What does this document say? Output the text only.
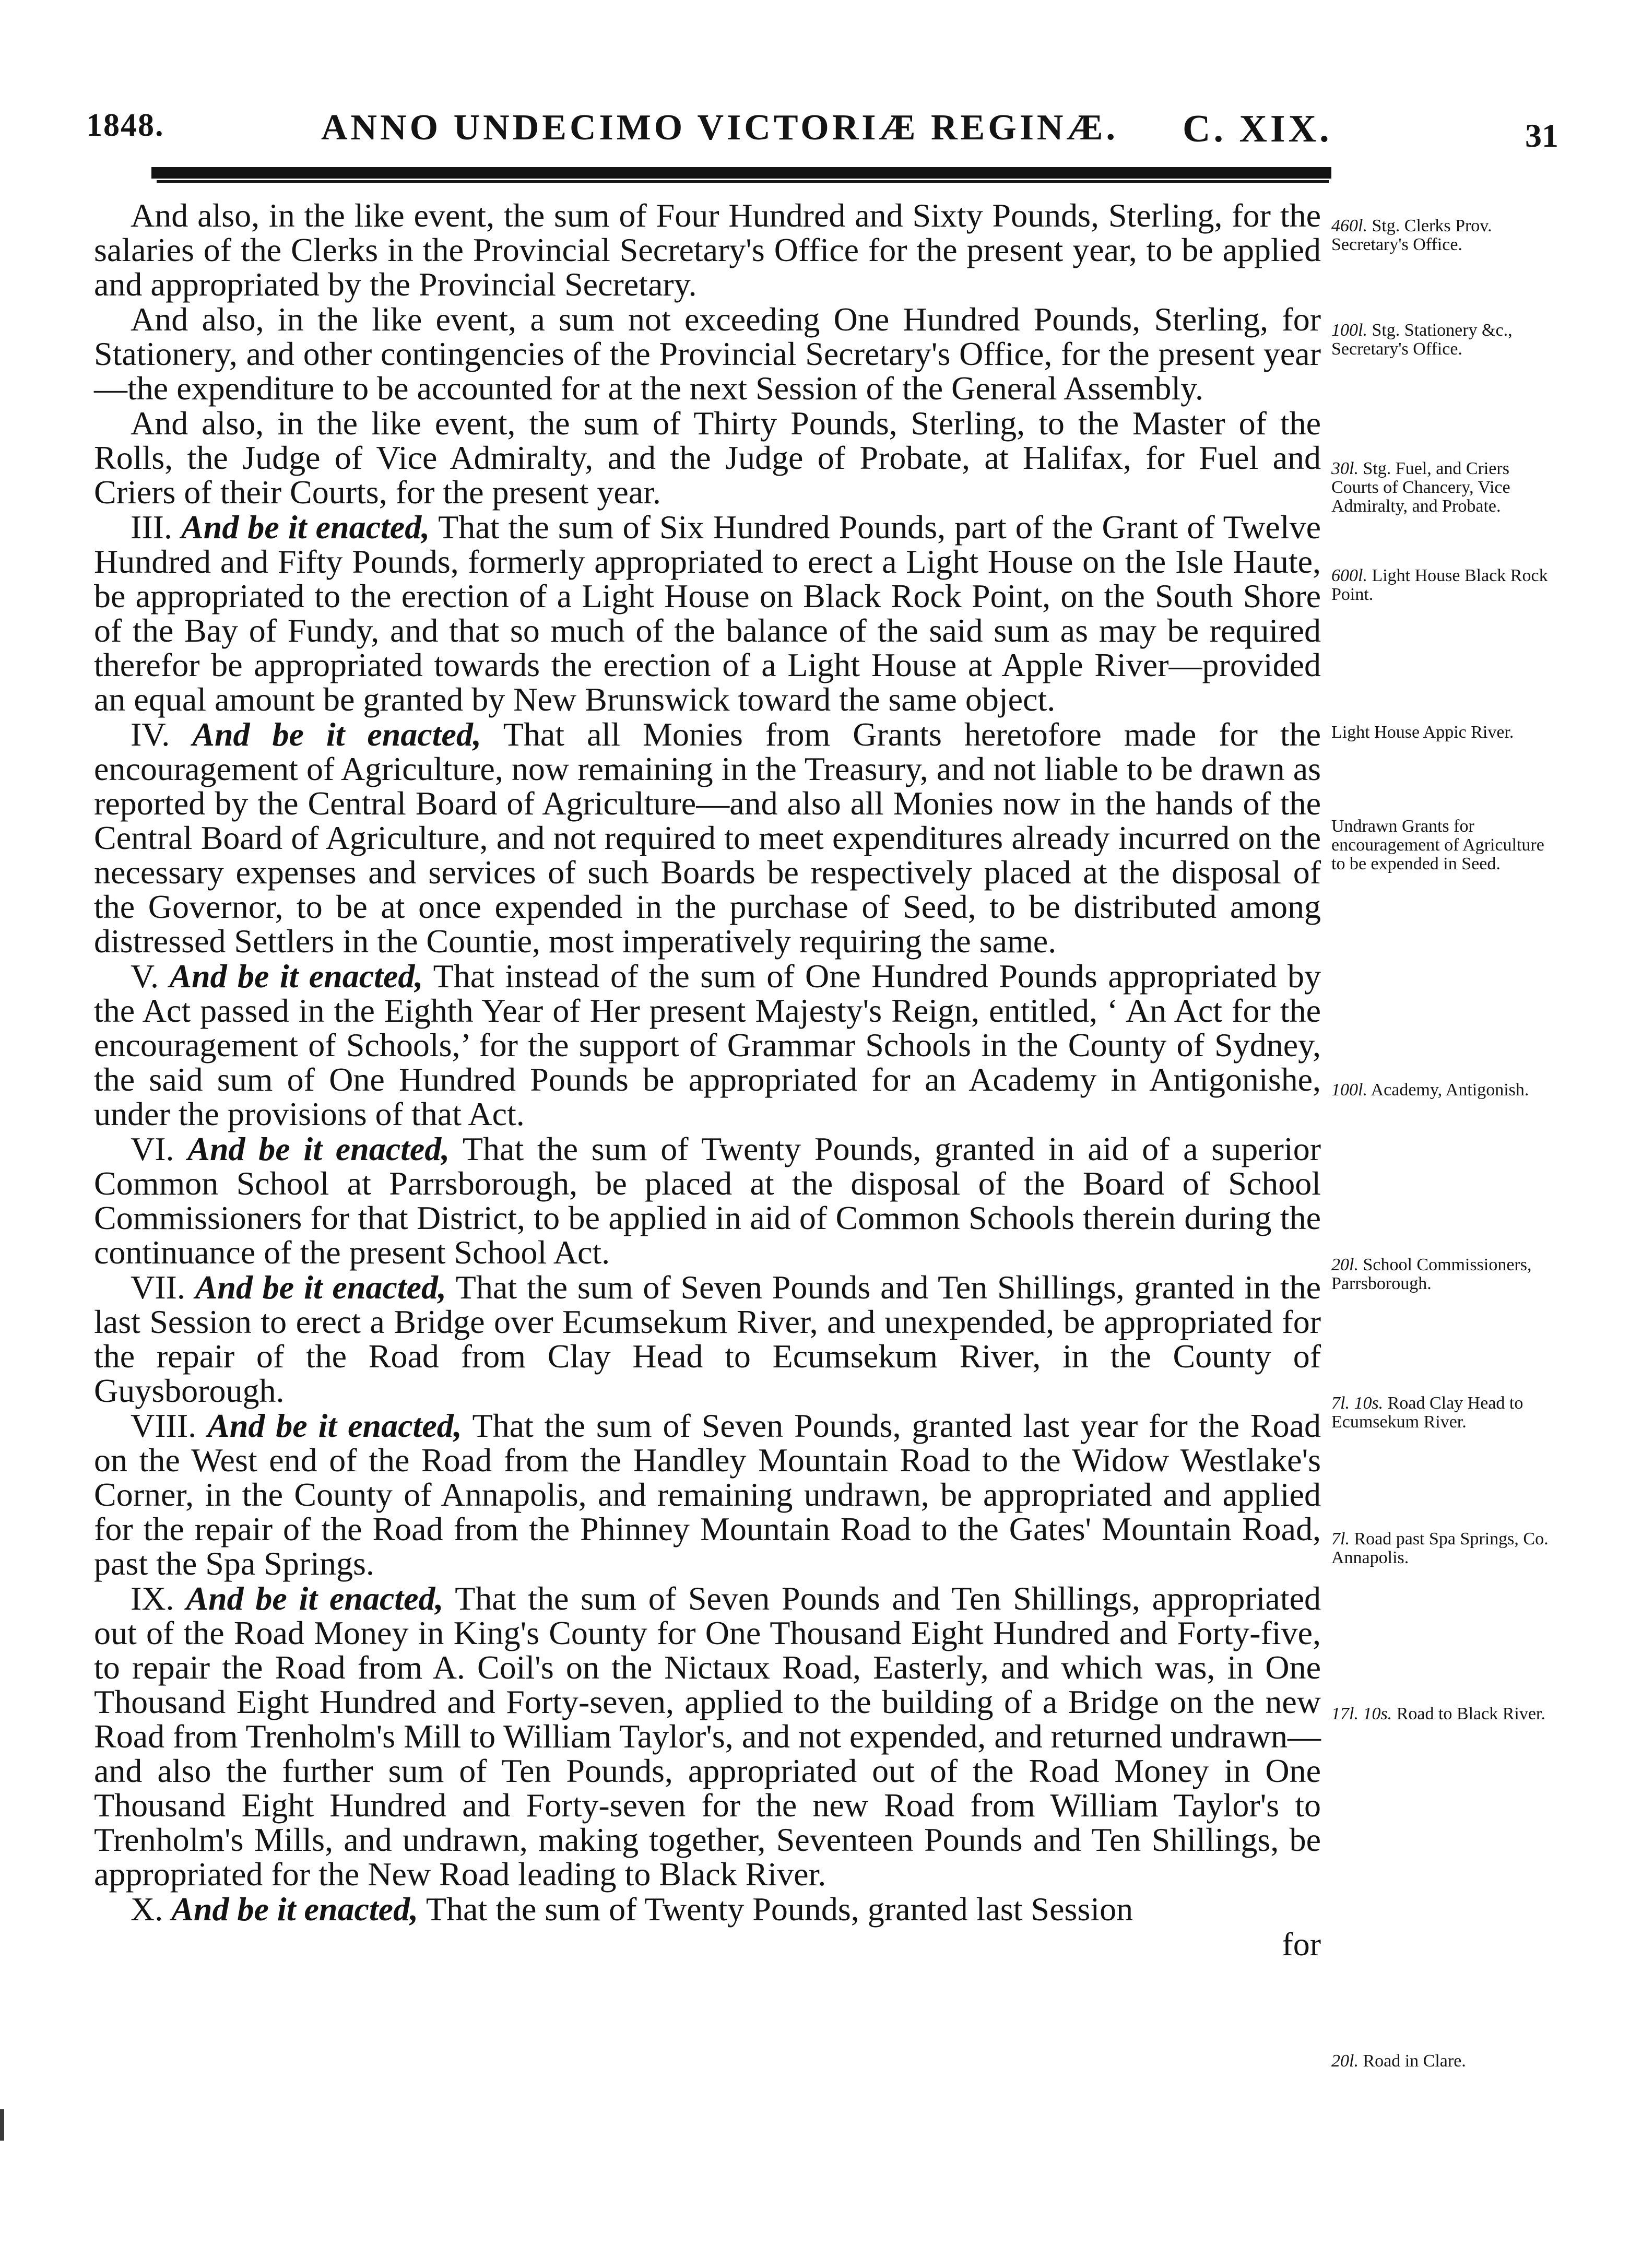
1848.	ANNO UNDECIMO VICTORIÆ REGINÆ. C. XIX.	31

And also, in the like event, the sum of Four Hundred and Sixty Pounds, Sterling, for the salaries of the Clerks in the Provincial Secretary's Office for the present year, to be applied and appropriated by the Provincial Secretary.

And also, in the like event, a sum not exceeding One Hundred Pounds, Sterling, for Stationery, and other contingencies of the Provincial Secretary's Office, for the present year—the expenditure to be accounted for at the next Session of the General Assembly.

And also, in the like event, the sum of Thirty Pounds, Sterling, to the Master of the Rolls, the Judge of Vice Admiralty, and the Judge of Probate, at Halifax, for Fuel and Criers of their Courts, for the present year.

III. And be it enacted, That the sum of Six Hundred Pounds, part of the Grant of Twelve Hundred and Fifty Pounds, formerly appropriated to erect a Light House on the Isle Haute, be appropriated to the erection of a Light House on Black Rock Point, on the South Shore of the Bay of Fundy, and that so much of the balance of the said sum as may be required therefor be appropriated towards the erection of a Light House at Apple River—provided an equal amount be granted by New Brunswick toward the same object.

IV. And be it enacted, That all Monies from Grants heretofore made for the encouragement of Agriculture, now remaining in the Treasury, and not liable to be drawn as reported by the Central Board of Agriculture—and also all Monies now in the hands of the Central Board of Agriculture, and not required to meet expenditures already incurred on the necessary expenses and services of such Boards be respectively placed at the disposal of the Governor, to be at once expended in the purchase of Seed, to be distributed among distressed Settlers in the Countie, most imperatively requiring the same.

V. And be it enacted, That instead of the sum of One Hundred Pounds appropriated by the Act passed in the Eighth Year of Her present Majesty's Reign, entitled, ‘ An Act for the encouragement of Schools,’ for the support of Grammar Schools in the County of Sydney, the said sum of One Hundred Pounds be appropriated for an Academy in Antigonishe, under the provisions of that Act.

VI. And be it enacted, That the sum of Twenty Pounds, granted in aid of a superior Common School at Parrsborough, be placed at the disposal of the Board of School Commissioners for that District, to be applied in aid of Common Schools therein during the continuance of the present School Act.

VII. And be it enacted, That the sum of Seven Pounds and Ten Shillings, granted in the last Session to erect a Bridge over Ecumsekum River, and unexpended, be appropriated for the repair of the Road from Clay Head to Ecumsekum River, in the County of Guysborough.

VIII. And be it enacted, That the sum of Seven Pounds, granted last year for the Road on the West end of the Road from the Handley Mountain Road to the Widow Westlake's Corner, in the County of Annapolis, and remaining undrawn, be appropriated and applied for the repair of the Road from the Phinney Mountain Road to the Gates' Mountain Road, past the Spa Springs.

IX. And be it enacted, That the sum of Seven Pounds and Ten Shillings, appropriated out of the Road Money in King's County for One Thousand Eight Hundred and Forty-five, to repair the Road from A. Coil's on the Nictaux Road, Easterly, and which was, in One Thousand Eight Hundred and Forty-seven, applied to the building of a Bridge on the new Road from Trenholm's Mill to William Taylor's, and not expended, and returned undrawn—and also the further sum of Ten Pounds, appropriated out of the Road Money in One Thousand Eight Hundred and Forty-seven for the new Road from William Taylor's to Trenholm's Mills, and undrawn, making together, Seventeen Pounds and Ten Shillings, be appropriated for the New Road leading to Black River.

X. And be it enacted, That the sum of Twenty Pounds, granted last Session

for

460l. Stg. Clerks Prov. Secretary's Office.
100l. Stg. Stationery &c., Secretary's Office.
30l. Stg. Fuel, and Criers Courts of Chancery, Vice Admiralty, and Probate.
600l. Light House Black Rock Point.
Light House Appic River.
Undrawn Grants for encouragement of Agriculture to be expended in Seed.
100l. Academy, Antigonish.
20l. School Commissioners, Parrsborough.
7l. 10s. Road Clay Head to Ecumsekum River.
7l. Road past Spa Springs, Co. Annapolis.
17l. 10s. Road to Black River.
20l. Road in Clare.
